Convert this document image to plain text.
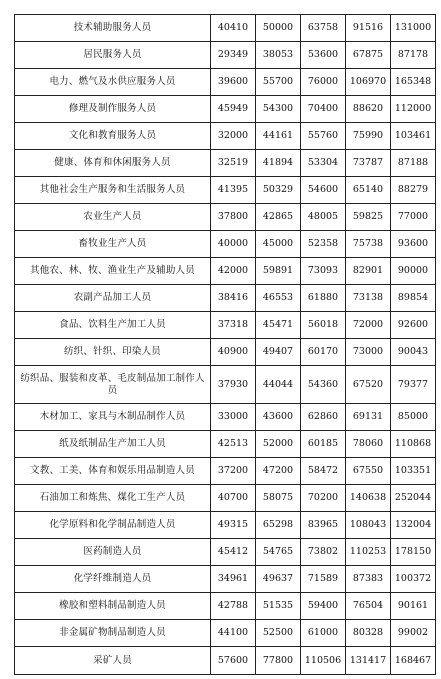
技术辅助服务人员	40410	50000	63758	91516	131000
居民服务人员	29349	38053	53600	67875	87178
电力、燃气及水供应服务人员	39600	55700	76000	106970	165348
修理及制作服务人员	45949	54300	70400	88620	112000
文化和教育服务人员	32000	44161	55760	75990	103461
健康、体育和休闲服务人员	32519	41894	53304	73787	87188
其他社会生产服务和生活服务人员	41395	50329	54600	65140	88279
农业生产人员	37800	42865	48005	59825	77000
畜牧业生产人员	40000	45000	52358	75738	93600
其他农、林、牧、渔业生产及辅助人员	42000	59891	73093	82901	90000
农副产品加工人员	38416	46553	61880	73138	89854
食品、饮料生产加工人员	37318	45471	56018	72000	92600
纺织、针织、印染人员	40900	49407	60170	73000	90043
纺织品、服装和皮革、毛皮制品加工制作人员	37930	44044	54360	67520	79377
木材加工、家具与木制品制作人员	33000	43600	62860	69131	85000
纸及纸制品生产加工人员	42513	52000	60185	78060	110868
文教、工美、体育和娱乐用品制造人员	37200	47200	58472	67550	103351
石油加工和炼焦、煤化工生产人员	40700	58075	70200	140638	252044
化学原料和化学制品制造人员	49315	65298	83965	108043	132004
医药制造人员	45412	54765	73802	110253	178150
化学纤维制造人员	34961	49637	71589	87383	100372
橡胶和塑料制品制造人员	42788	51535	59400	76504	90161
非金属矿物制品制造人员	44100	52500	61000	80328	99002
采矿人员	57600	77800	110506	131417	168467
